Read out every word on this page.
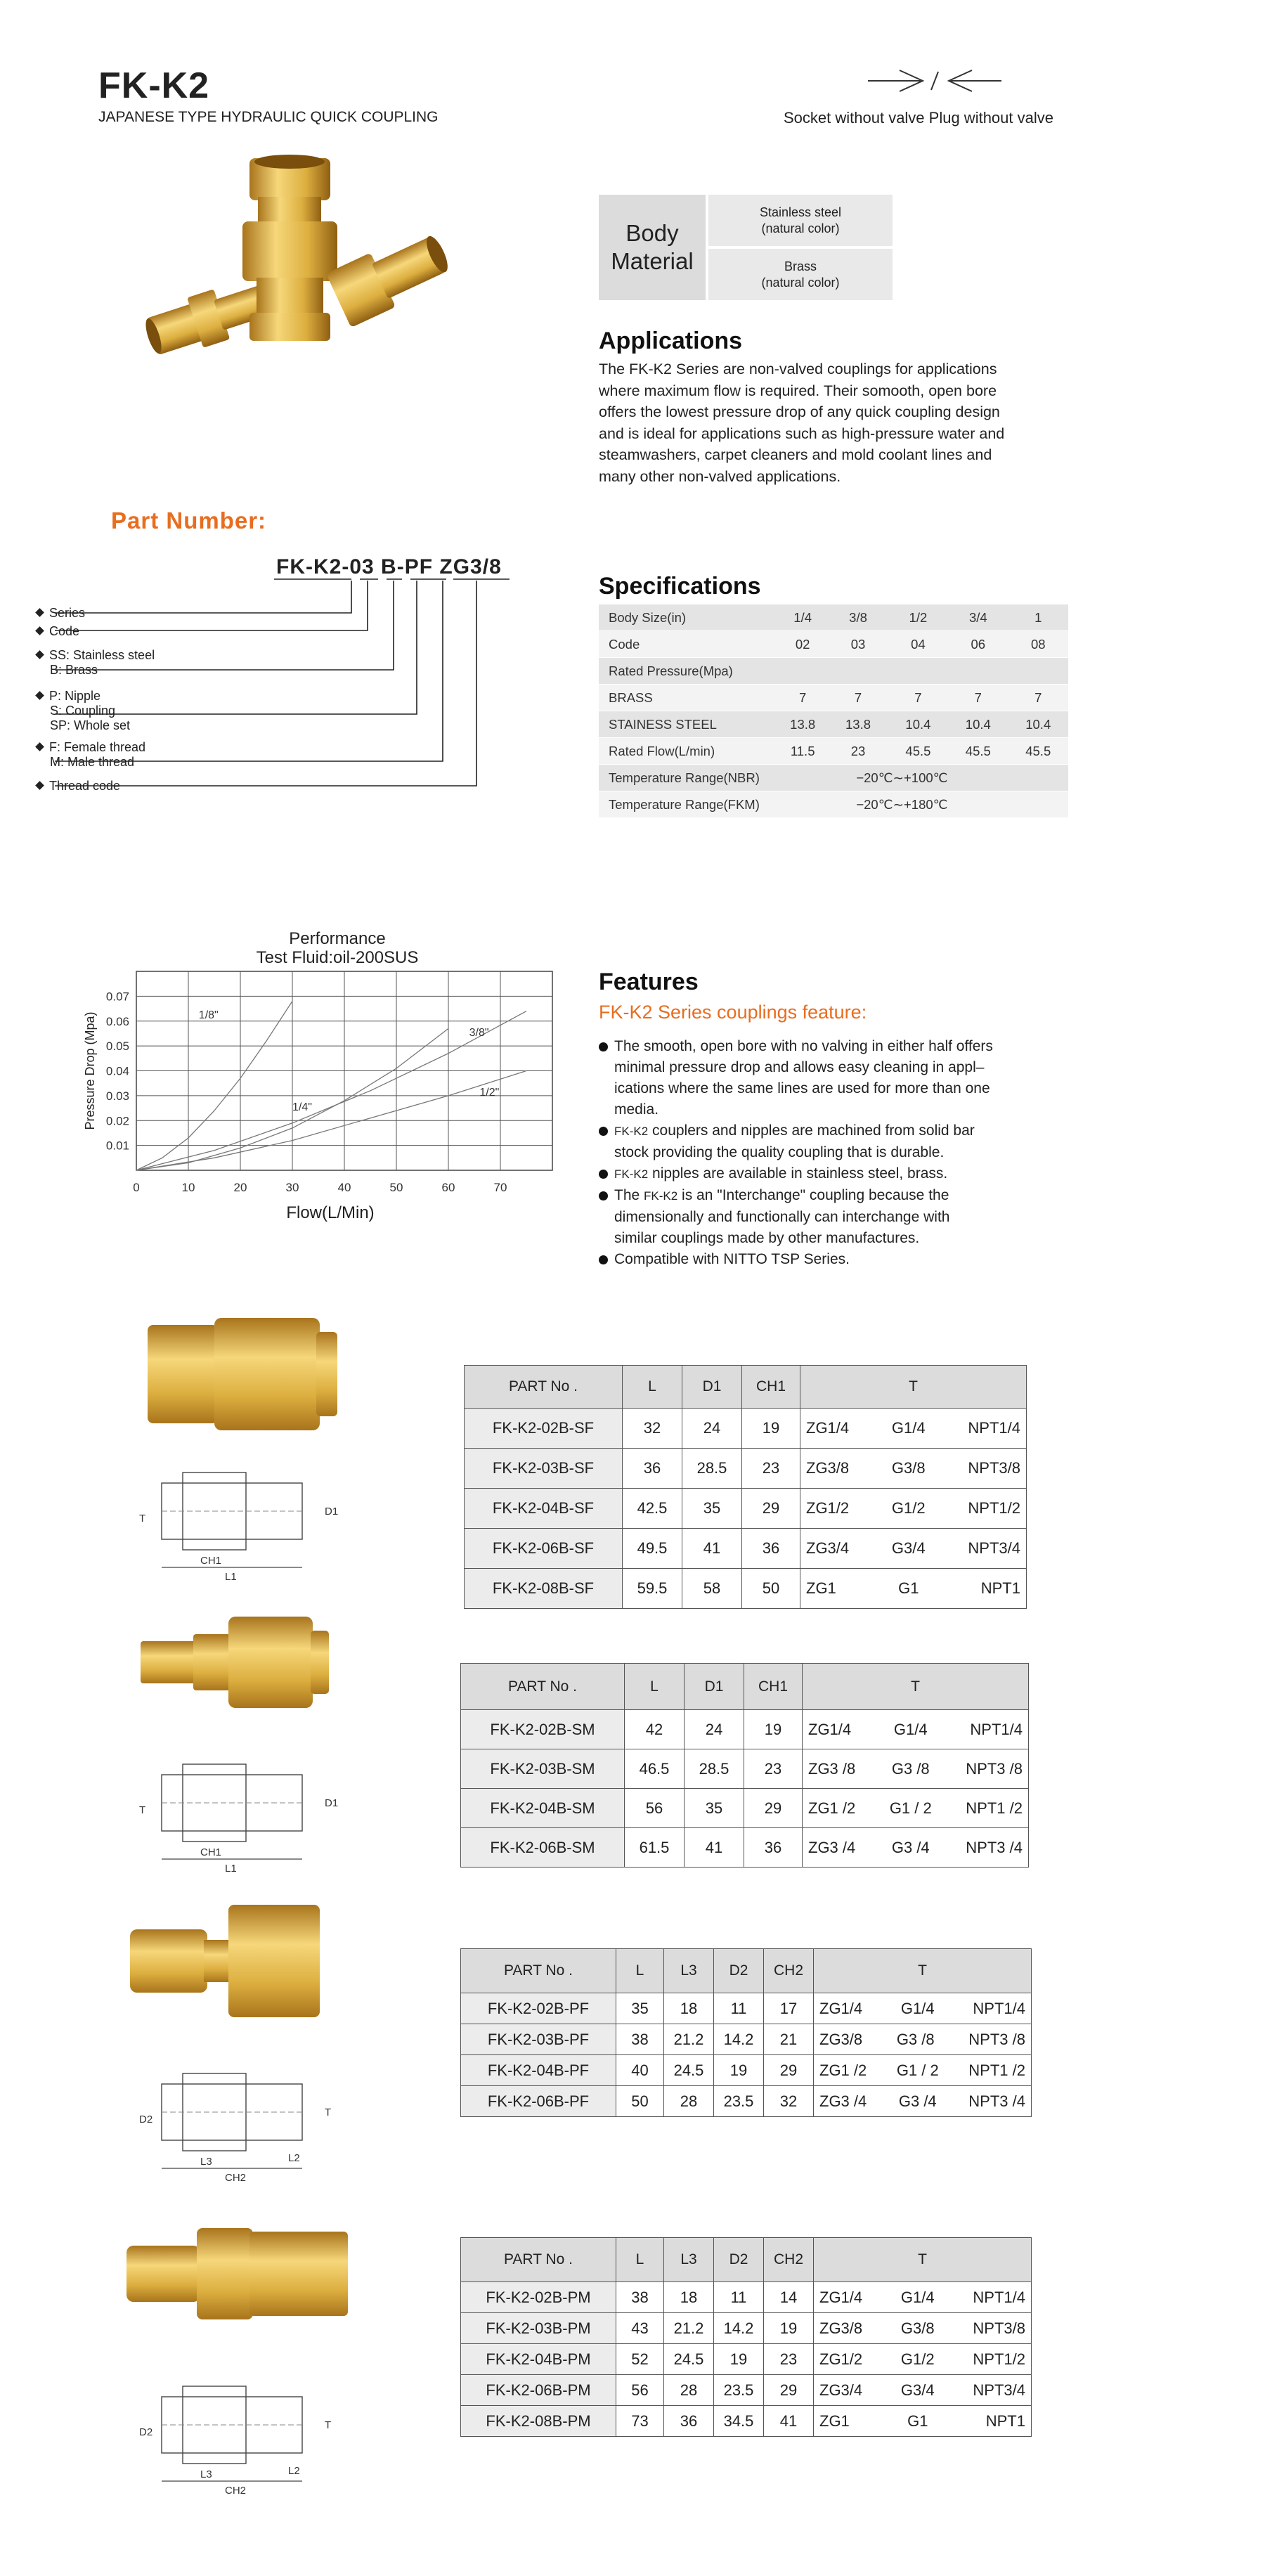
FK-K2
JAPANESE TYPE HYDRAULIC QUICK COUPLING	Socket without valve Plug without valve
Body
Material
Stainless steel
(natural color)
Brass
(natural color)
Applications
The FK-K2 Series are non-valved couplings for applications
where maximum flow is required. Their somooth, open bore
offers the lowest pressure drop of any quick coupling design
and is ideal for applications such as high-pressure water and
steamwashers, carpet cleaners and mold coolant lines and
many other non-valved applications.
Part Number:
FK-K2-03 B-PF ZG3/8
Series
Code
SS: Stainless steel
B: Brass
P: Nipple
S: Coupling
SP: Whole set
F: Female thread
M: Male thread
Thread code
Specifications
Body Size(in)	1/4	3/8	1/2	3/4	1
Code	02	03	04	06	08
Rated Pressure(Mpa)					
BRASS	7	7	7	7	7
STAINESS STEEL	13.8	13.8	10.4	10.4	10.4
Rated Flow(L/min)	11.5	23	45.5	45.5	45.5
Temperature Range(NBR)		−20℃∼+100℃			
Temperature Range(FKM)		−20℃∼+180℃			
Performance
Test Fluid:oil-200SUS
0	10	20	30	40	50	60	70
0.01
0.02
0.03
0.04
0.05
0.06
0.07
Flow(L/Min)
Pressure Drop (Mpa)	1/8"
1/4"
3/8"
1/2"
Features
FK-K2 Series couplings feature:
The smooth, open bore with no valving in either half offers
minimal pressure drop and allows easy cleaning in appl–
ications where the same lines are used for more than one
media.
FK-K2 couplers and nipples are machined from solid bar
stock providing the quality coupling that is durable.
FK-K2 nipples are available in stainless steel, brass.
The FK-K2 is an "Interchange" coupling because the
dimensionally and functionally can interchange with
similar couplings made by other manufactures.
Compatible with NITTO TSP Series.
T
D1
CH1
L1
PART No .	L	D1	CH1	T
FK-K2-02B-SF	32	24	19	ZG1/4 G1/4 NPT1/4

FK-K2-03B-SF	36	28.5	23	ZG3/8 G3/8 NPT3/8

FK-K2-04B-SF	42.5	35	29	ZG1/2 G1/2 NPT1/2

FK-K2-06B-SF	49.5	41	36	ZG3/4 G3/4 NPT3/4

FK-K2-08B-SF	59.5	58	50	ZG1 G1 NPT1
T
D1
CH1
L1
PART No .	L	D1	CH1	T
FK-K2-02B-SM	42	24	19	ZG1/4 G1/4 NPT1/4

FK-K2-03B-SM	46.5	28.5	23	ZG3 /8 G3 /8 NPT3 /8

FK-K2-04B-SM	56	35	29	ZG1 /2 G1 / 2 NPT1 /2

FK-K2-06B-SM	61.5	41	36	ZG3 /4 G3 /4 NPT3 /4
D2
T
L3
CH2
L2
PART No .	L	L3	D2	CH2	T
FK-K2-02B-PF	35	18	11	17	ZG1/4 G1/4 NPT1/4

FK-K2-03B-PF	38	21.2	14.2	21	ZG3/8 G3 /8 NPT3 /8

FK-K2-04B-PF	40	24.5	19	29	ZG1 /2 G1 / 2 NPT1 /2

FK-K2-06B-PF	50	28	23.5	32	ZG3 /4 G3 /4 NPT3 /4
D2
T
L3
CH2
L2
PART No .	L	L3	D2	CH2	T
FK-K2-02B-PM	38	18	11	14	ZG1/4 G1/4 NPT1/4

FK-K2-03B-PM	43	21.2	14.2	19	ZG3/8 G3/8 NPT3/8

FK-K2-04B-PM	52	24.5	19	23	ZG1/2 G1/2 NPT1/2

FK-K2-06B-PM	56	28	23.5	29	ZG3/4 G3/4 NPT3/4

FK-K2-08B-PM	73	36	34.5	41	ZG1 G1 NPT1
